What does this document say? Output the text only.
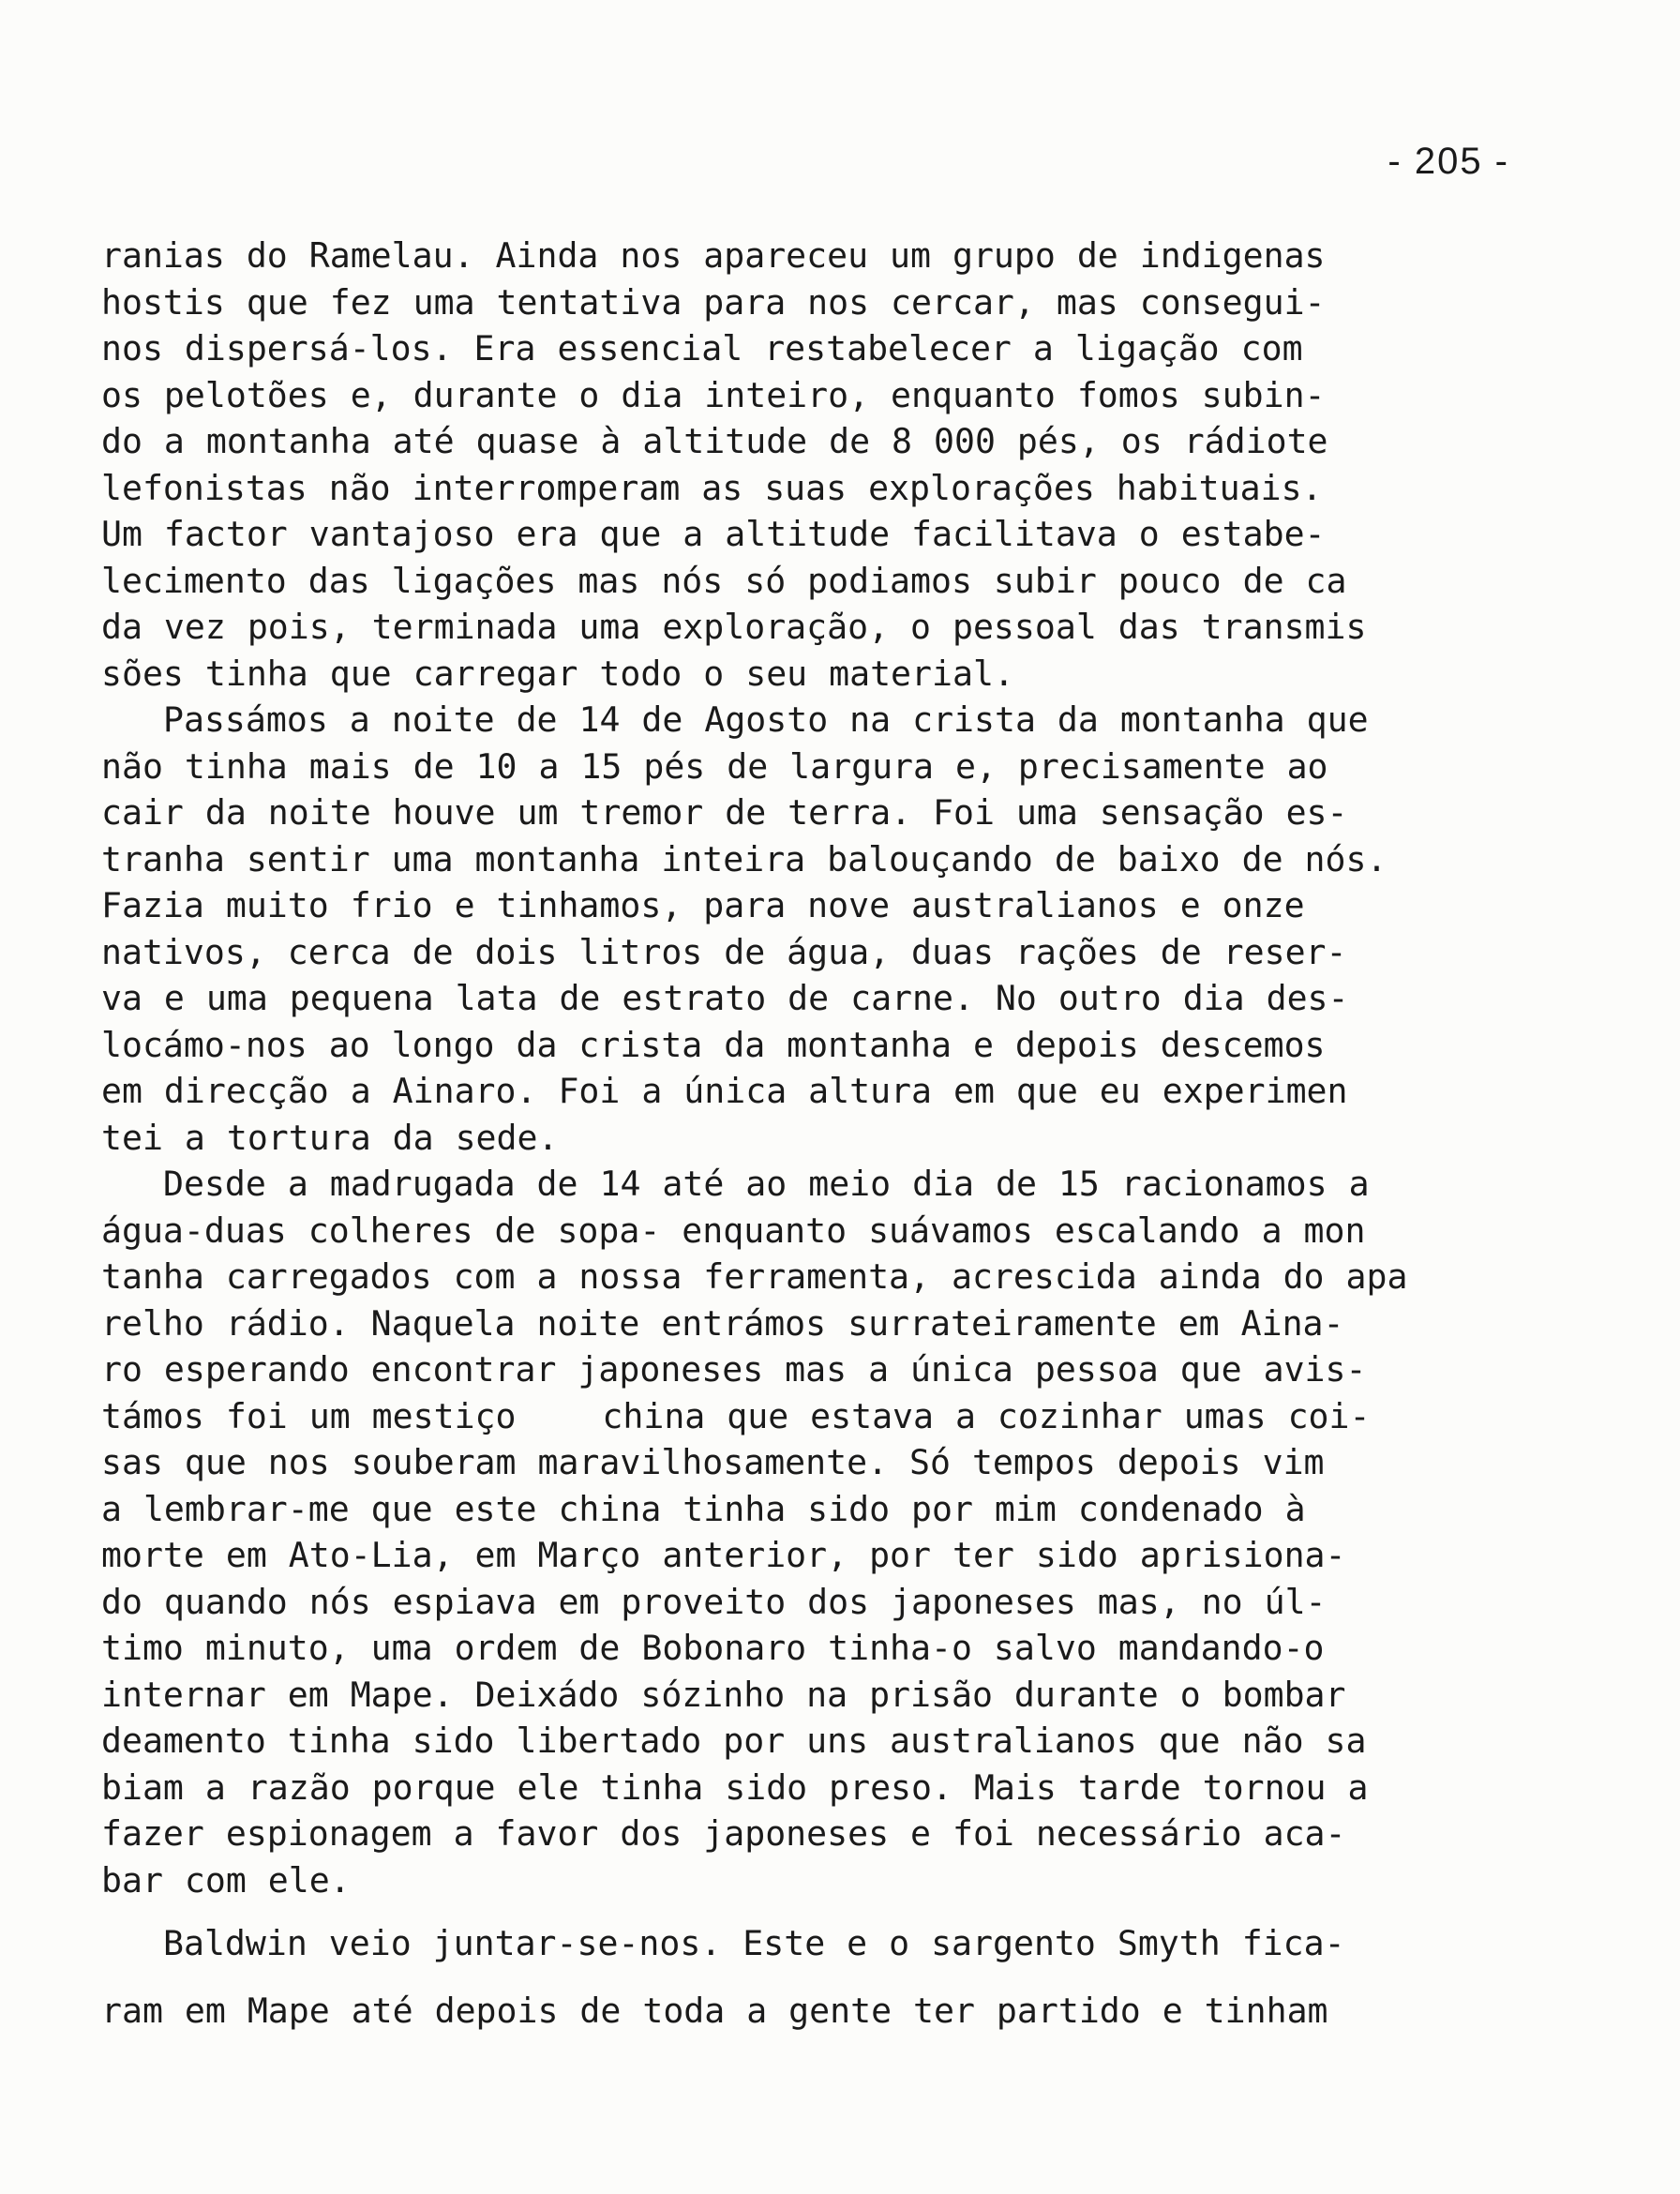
- 205 -
ranias do Ramelau. Ainda nos apareceu um grupo de indigenas
hostis que fez uma tentativa para nos cercar, mas consegui-
nos dispersá-los. Era essencial restabelecer a ligação com
os pelotões e, durante o dia inteiro, enquanto fomos subin-
do a montanha até quase à altitude de 8 000 pés, os rádiote
lefonistas não interromperam as suas explorações habituais.
Um factor vantajoso era que a altitude facilitava o estabe-
lecimento das ligações mas nós só podiamos subir pouco de ca
da vez pois, terminada uma exploração, o pessoal das transmis
sões tinha que carregar todo o seu material.
Passámos a noite de 14 de Agosto na crista da montanha que
não tinha mais de 10 a 15 pés de largura e, precisamente ao
cair da noite houve um tremor de terra. Foi uma sensação es-
tranha sentir uma montanha inteira balouçando de baixo de nós.
Fazia muito frio e tinhamos, para nove australianos e onze
nativos, cerca de dois litros de água, duas rações de reser-
va e uma pequena lata de estrato de carne. No outro dia des-
locámo-nos ao longo da crista da montanha e depois descemos
em direcção a Ainaro. Foi a única altura em que eu experimen
tei a tortura da sede.
Desde a madrugada de 14 até ao meio dia de 15 racionamos a
água-duas colheres de sopa- enquanto suávamos escalando a mon
tanha carregados com a nossa ferramenta, acrescida ainda do apa
relho rádio. Naquela noite entrámos surrateiramente em Aina-
ro esperando encontrar japoneses mas a única pessoa que avis-
támos foi um mestiço    china que estava a cozinhar umas coi-
sas que nos souberam maravilhosamente. Só tempos depois vim
a lembrar-me que este china tinha sido por mim condenado à
morte em Ato-Lia, em Março anterior, por ter sido aprisiona-
do quando nós espiava em proveito dos japoneses mas, no úl-
timo minuto, uma ordem de Bobonaro tinha-o salvo mandando-o
internar em Mape. Deixádo sózinho na prisão durante o bombar
deamento tinha sido libertado por uns australianos que não sa
biam a razão porque ele tinha sido preso. Mais tarde tornou a
fazer espionagem a favor dos japoneses e foi necessário aca-
bar com ele.
Baldwin veio juntar-se-nos. Este e o sargento Smyth fica-
ram em Mape até depois de toda a gente ter partido e tinham
